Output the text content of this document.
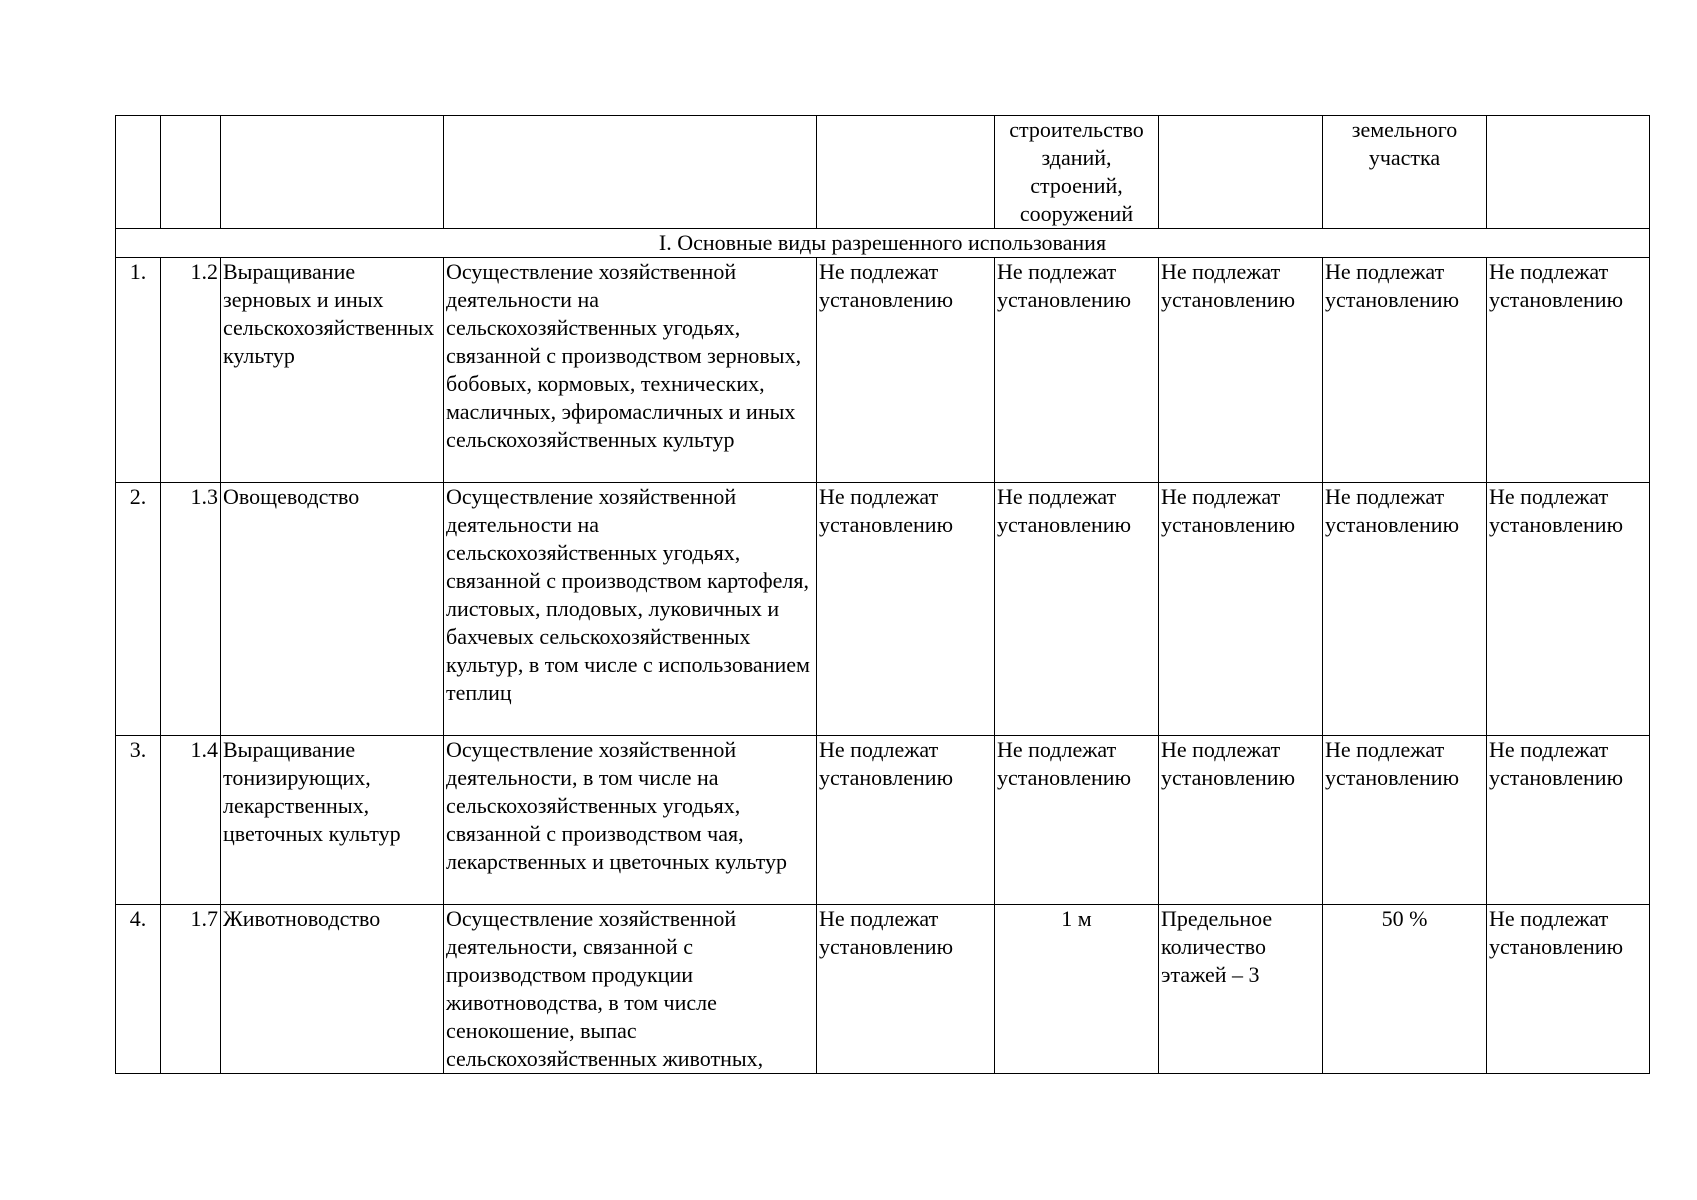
					строительство
зданий,
строений,
сооружений		земельного
участка	
I. Основные виды разрешенного использования								
1.	1.2	Выращивание зерновых и иных сельскохозяйственных культур	Осуществление хозяйственной деятельности на сельскохозяйственных угодьях, связанной с производством зерновых, бобовых, кормовых, технических, масличных, эфиромасличных и иных сельскохозяйственных культур	Не подлежат установлению	Не подлежат установлению	Не подлежат установлению	Не подлежат установлению	Не подлежат установлению
2.	1.3	Овощеводство	Осуществление хозяйственной деятельности на сельскохозяйственных угодьях, связанной с производством картофеля, листовых, плодовых, луковичных и бахчевых сельскохозяйственных культур, в том числе с использованием теплиц	Не подлежат установлению	Не подлежат установлению	Не подлежат установлению	Не подлежат установлению	Не подлежат установлению
3.	1.4	Выращивание тонизирующих, лекарственных, цветочных культур	Осуществление хозяйственной деятельности, в том числе на сельскохозяйственных угодьях, связанной с производством чая, лекарственных и цветочных культур	Не подлежат установлению	Не подлежат установлению	Не подлежат установлению	Не подлежат установлению	Не подлежат установлению
4.	1.7	Животноводство	Осуществление хозяйственной деятельности, связанной с производством продукции животноводства, в том числе сенокошение, выпас сельскохозяйственных животных,	Не подлежат установлению	1 м	Предельное количество этажей – 3	50 %	Не подлежат установлению
